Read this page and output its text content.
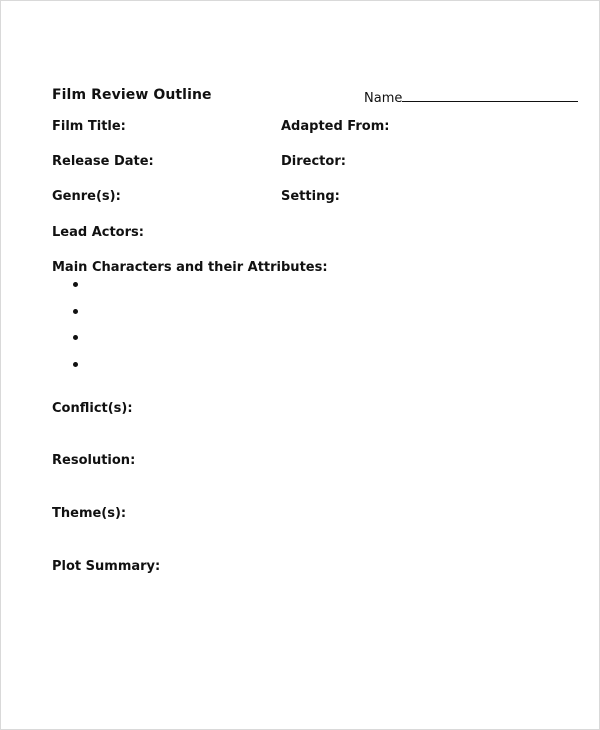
Film Review Outline	Name
Film Title:	Adapted From:
Release Date:	Director:
Genre(s):	Setting:
Lead Actors:
Main Characters and their Attributes:
Conflict(s):
Resolution:
Theme(s):
Plot Summary:
